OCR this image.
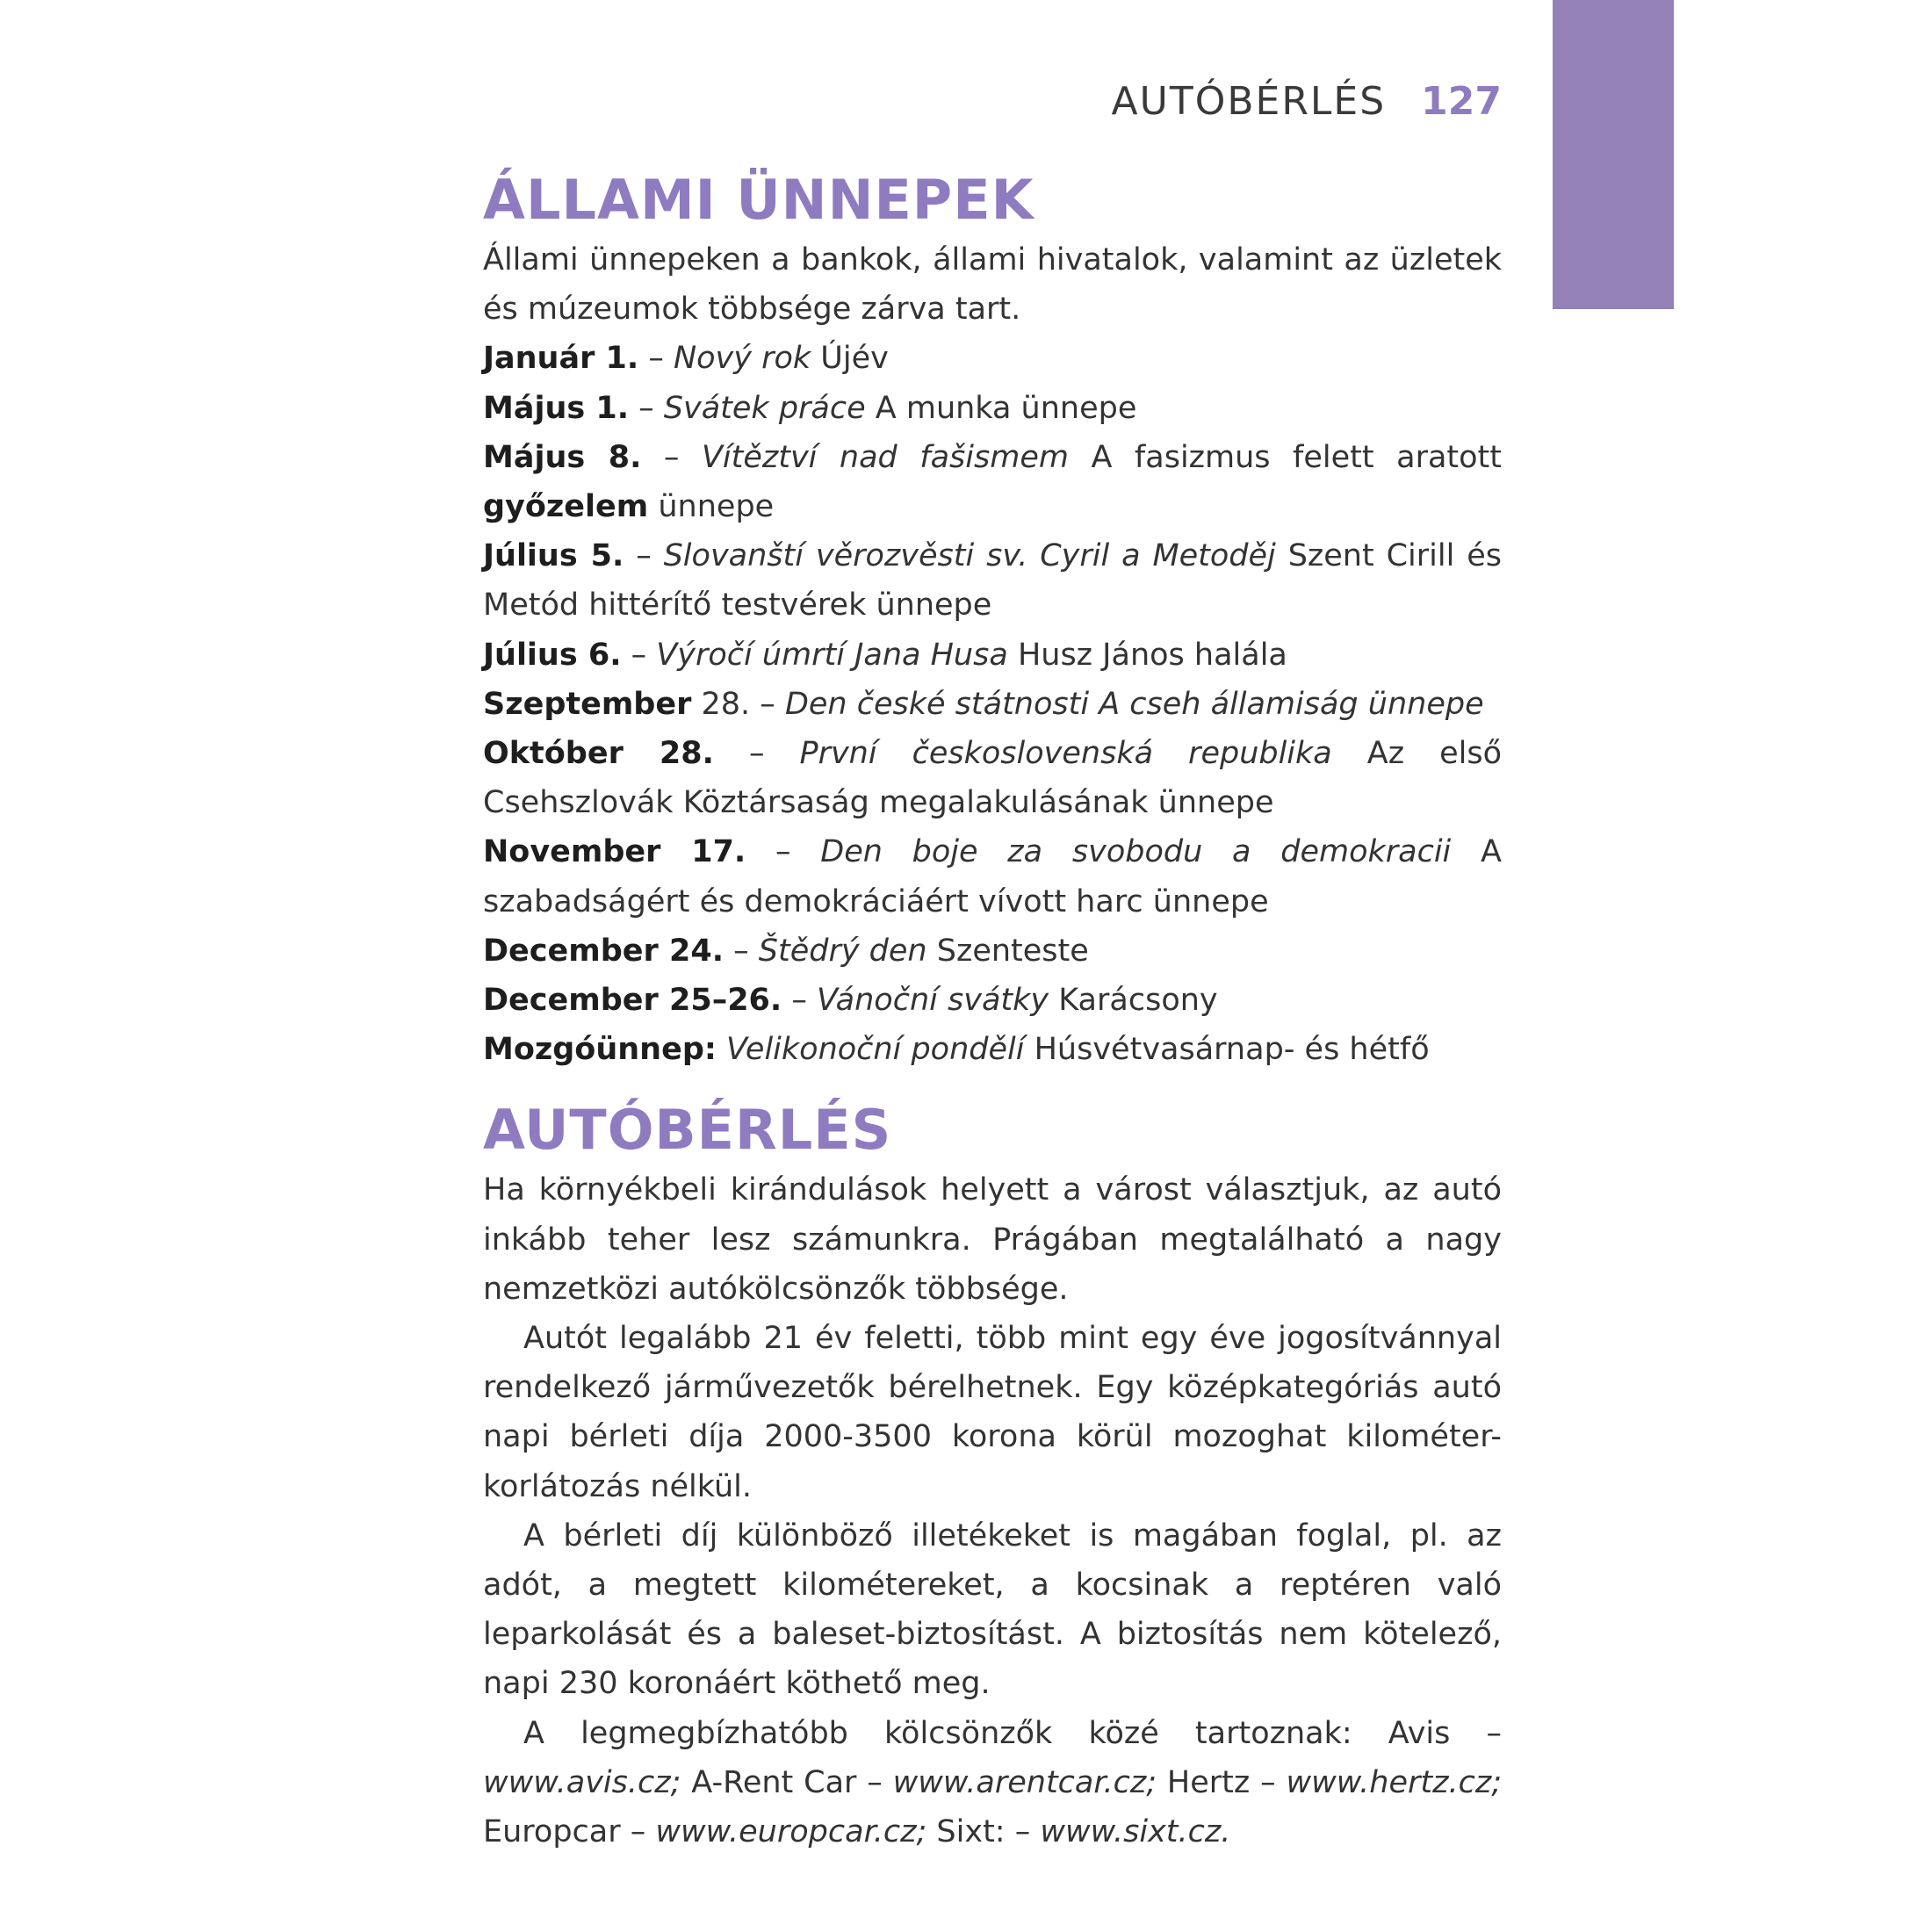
AUTÓBÉRLÉS 127
ÁLLAMI ÜNNEPEK

Állami ünnepeken a bankok, állami hivatalok, valamint az üzletek és múzeumok többsége zárva tart.

Január 1. – Nový rok Újév
Május 1. – Svátek práce A munka ünnepe

Május 8. – Vítěztví nad fašismem A fasizmus felett aratott győzelem ünnepe

Július 5. – Slovanští věrozvěsti sv. Cyril a Metoděj Szent Cirill és Metód hittérítő testvérek ünnepe

Július 6. – Výročí úmrtí Jana Husa Husz János halála
Szeptember 28. – Den české státnosti A cseh államiság ünnepe

Október 28. – První československá republika Az első Csehszlovák Köztársaság megalakulásának ünnepe

November 17. – Den boje za svobodu a demokracii A szabadságért és demokráciáért vívott harc ünnepe

December 24. – Štědrý den Szenteste
December 25–26. – Vánoční svátky Karácsony
Mozgóünnep: Velikonoční pondělí Húsvétvasárnap- és hétfő
AUTÓBÉRLÉS

Ha környékbeli kirándulások helyett a várost választjuk, az autó inkább teher lesz számunkra. Prágában megtalálható a nagy nemzetközi autókölcsönzők többsége.

Autót legalább 21 év feletti, több mint egy éve jogosítvánnyal rendelkező járművezetők bérelhetnek. Egy középkategóriás autó napi bérleti díja 2000-3500 korona körül mozoghat kilométer-korlátozás nélkül.

A bérleti díj különböző illetékeket is magában foglal, pl. az adót, a megtett kilométereket, a kocsinak a reptéren való leparkolását és a baleset-biztosítást. A biztosítás nem kötelező, napi 230 koronáért köthető meg.

A legmegbízhatóbb kölcsönzők közé tartoznak: Avis – www.avis.cz; A-Rent Car – www.arentcar.cz; Hertz – www.hertz.cz; Europcar – www.europcar.cz; Sixt: – www.sixt.cz.
